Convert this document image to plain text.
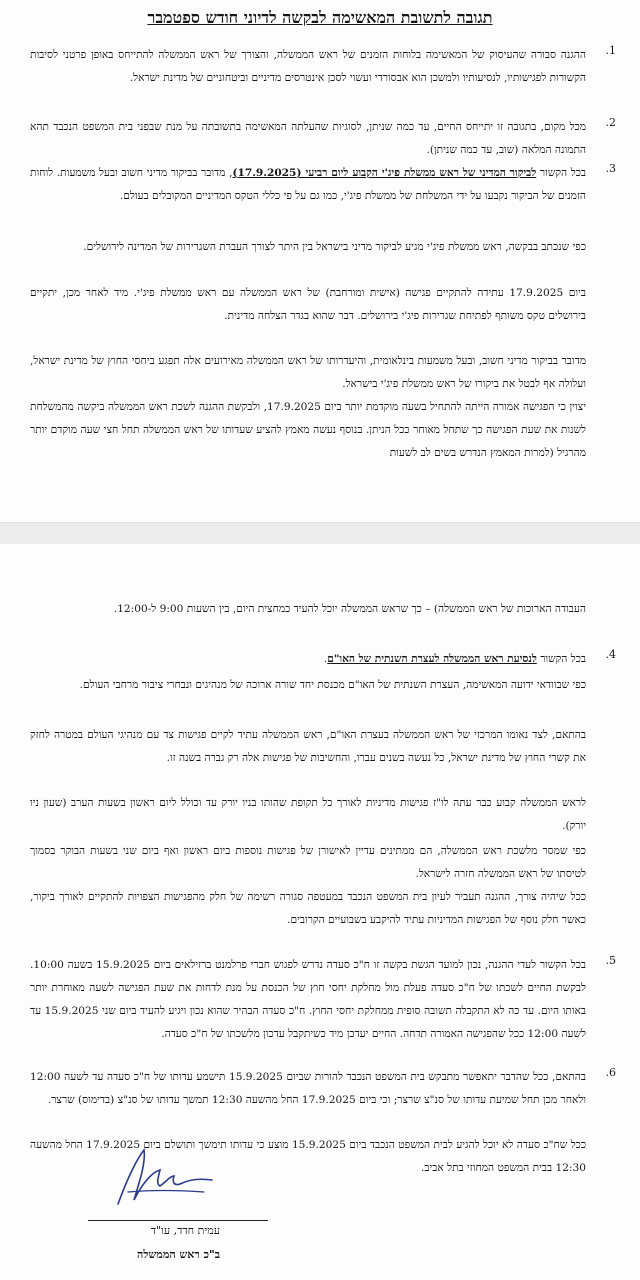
תגובה לתשובת המאשימה לבקשה לדיוני חודש ספטמבר
1.

ההגנה סבורה שהעיסוק של המאשימה בלוחות הזמנים של ראש הממשלה, והצורך של ראש הממשלה להתייחס באופן פרטני לסיבות הקשורות לפגישותיו, לנסיעותיו ולמשכן הוא אבסורדי ועשוי לסכן אינטרסים מדיניים וביטחוניים של מדינת ישראל.

2.

מכל מקום, בתגובה זו יתייחס החיים, עד כמה שניתן, לסוגיות שהעלתה המאשימה בתשובתה על מנת שבפני בית המשפט הנכבד תהא התמונה המלאה (שוב, עד כמה שניתן).

3.

בכל הקשור לביקור המדיני של ראש ממשלת פיג'י הקבוע ליום רביעי (17.9.2025), מדובר בביקור מדיני חשוב ובעל משמעות. לוחות הזמנים של הביקור נקבעו על ידי המשלחת של ממשלת פיג'י, כמו גם על פי כללי הטקס המדיניים המקובלים בעולם.

כפי שנכתב בבקשה, ראש ממשלת פיג'י מגיע לביקור מדיני בישראל בין היתר לצורך העברת השגרירות של המדינה לירושלים.
ביום 17.9.2025 עתידה להתקיים פגישה (אישית ומורחבת) של ראש הממשלה עם ראש ממשלת פיג'י. מיד לאחר מכן, יתקיים בירושלים טקס משותף לפתיחת שגרירות פיג'י בירושלים. דבר שהוא בגדר הצלחה מדינית.
מדובר בביקור מדיני חשוב, ובעל משמעות בינלאומית, והיעדרותו של ראש הממשלה מאירועים אלה תפגע ביחסי החוץ של מדינת ישראל, ועלולה אף לבטל את ביקורו של ראש ממשלת פיג'י בישראל.
יצוין כי הפגישה אמורה הייתה להתחיל בשעה מוקדמת יותר ביום 17.9.2025, ולבקשת ההגנה לשכת ראש הממשלה ביקשה מהמשלחת לשנות את שעת הפגישה כך שתחל מאוחר ככל הניתן. בנוסף נעשה מאמץ להציע שעדותו של ראש הממשלה תחל חצי שעה מוקדם יותר מהרגיל (למרות המאמץ הנדרש בשים לב לשעות
העבודה הארוכות של ראש הממשלה) – כך שראש הממשלה יוכל להעיד כמחצית היום, בין השעות 9:00 ל-12:00.
4.

בכל הקשור לנסיעת ראש הממשלה לעצרת השנתית של האו"ם.

כפי שבוודאי ידועה המאשימה, העצרת השנתית של האו"ם מכנסת יחד שורה ארוכה של מנהיגים ונבחרי ציבור מרחבי העולם.
בהתאם, לצד נאומו המרכזי של ראש הממשלה בעצרת האו"ם, ראש הממשלה עתיד לקיים פגישות צד עם מנהיגי העולם במטרה לחזק את קשרי החוץ של מדינת ישראל, כל נעשה בשנים עברו, והחשיבות של פגישות אלה רק גברה בשנה זו.
לראש הממשלה קבוע כבר עתה לו"ז פגישות מדיניות לאורך כל תקופת שהותו בניו יורק עד וכולל ליום ראשון בשעות הערב (שעון ניו יורק).
כפי שמסר מלשכת ראש הממשלה, הם ממתינים עדיין לאישורן של פגישות נוספות ביום ראשון ואף ביום שני בשעות הבוקר בסמוך לטיסתו של ראש הממשלה חזרה לישראל.
ככל שיהיה צורך, ההגנה תעביר לעיון בית המשפט הנכבד במעטפה סגורה רשימה של חלק מהפגישות הצפויות להתקיים לאורך ביקור, כאשר חלק נוסף של הפגישות המדיניות עתיד להיקבע בשבועיים הקרובים.
5.

בכל הקשור לעדי ההגנה, נכון למועד הגשת בקשה זו ח"כ סעדה נדרש לפגוש חברי פרלמנט ברזילאים ביום 15.9.2025 בשעה 10:00. לבקשת החיים לשכתו של ח"כ סעדה פעלת מול מחלקת יחסי חוץ של הכנסת על מנת לדחות את שעת הפגישה לשעה מאוחרת יותר באותו היום. עד כה לא התקבלה תשובה סופית ממחלקת יחסי החוץ. ח"כ סעדה הבהיר שהוא נכון ויגיע להעיד ביום שני 15.9.2025 עד לשעה 12:00 ככל שהפגישה האמורה תדחה. החיים יעדכן מיד כשיתקבל עדכון מלשכתו של ח"כ סעדה.

6.

בהתאם, ככל שהדבר יתאפשר מתבקש בית המשפט הנכבד להורות שביום 15.9.2025 תישמע עדותו של ח"כ סעדה עד לשעה 12:00 ולאחר מכן תחל שמיעת עדותו של סנ"צ שרצר; וכי ביום 17.9.2025 החל מהשעה 12:30 תמשך עדותו של סנ"צ (בדימוס) שרצר.

ככל שח"כ סעדה לא יוכל להגיע לבית המשפט הנכבד ביום 15.9.2025 מוצע כי עדותו תימשך ותושלם ביום 17.9.2025 החל מהשעה 12:30 בבית המשפט המחוזי בתל אביב.
עמית חדד, עו"ד
ב"כ ראש הממשלה
